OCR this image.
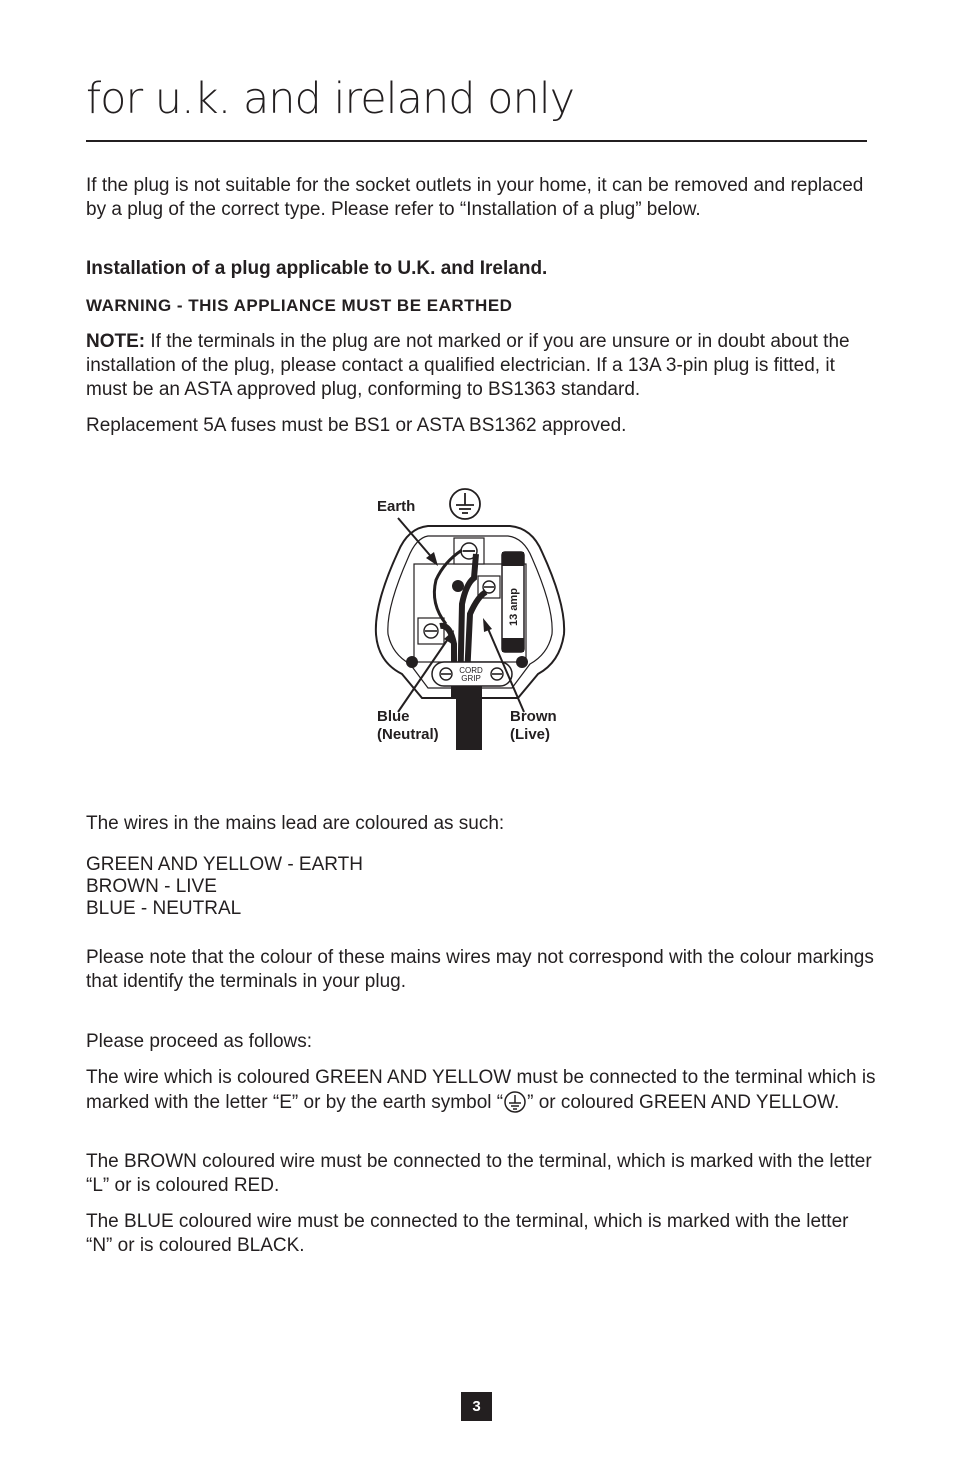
for u.k. and ireland only

If the plug is not suitable for the socket outlets in your home, it can be removed and replaced by a plug of the correct type. Please refer to “Installation of a plug” below.

Installation of a plug applicable to U.K. and Ireland.

WARNING - THIS APPLIANCE MUST BE EARTHED

NOTE: If the terminals in the plug are not marked or if you are unsure or in doubt about the installation of the plug, please contact a qualified electrician. If a 13A 3-pin plug is fitted, it must be an ASTA approved plug, conforming to BS1363 standard.

Replacement 5A fuses must be BS1 or ASTA BS1362 approved.

Earth
13 amp
CORD
GRIP
Blue
(Neutral)
Brown
(Live)

The wires in the mains lead are coloured as such:

GREEN AND YELLOW - EARTH
BROWN - LIVE
BLUE - NEUTRAL

Please note that the colour of these mains wires may not correspond with the colour markings that identify the terminals in your plug.

Please proceed as follows:

The wire which is coloured GREEN AND YELLOW must be connected to the terminal which is marked with the letter “E” or by the earth symbol “ ” or coloured GREEN AND YELLOW.

The BROWN coloured wire must be connected to the terminal, which is marked with the letter “L” or is coloured RED.

The BLUE coloured wire must be connected to the terminal, which is marked with the letter “N” or is coloured BLACK.

3
